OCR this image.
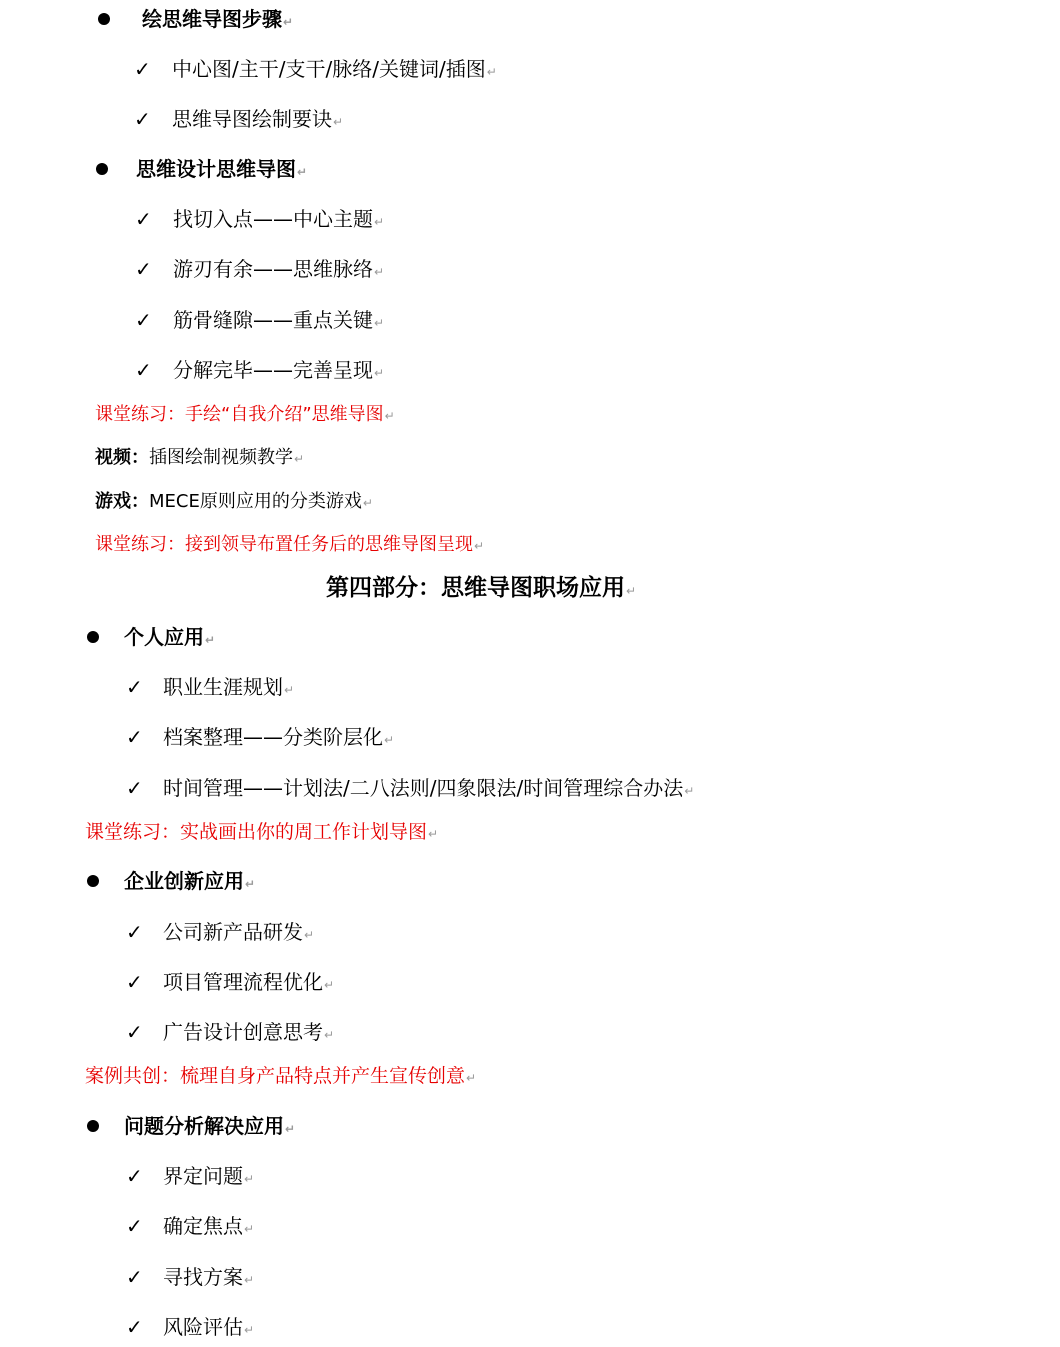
绘思维导图步骤↵
✓ 中心图/主干/支干/脉络/关键词/插图↵
✓ 思维导图绘制要诀↵
思维设计思维导图↵
✓ 找切入点——中心主题↵
✓ 游刃有余——思维脉络↵
✓ 筋骨缝隙——重点关键↵
✓ 分解完毕——完善呈现↵
课堂练习：手绘“自我介绍”思维导图↵
视频：插图绘制视频教学↵
游戏：MECE原则应用的分类游戏↵
课堂练习：接到领导布置任务后的思维导图呈现↵
第四部分：思维导图职场应用↵
个人应用↵
✓ 职业生涯规划↵
✓ 档案整理——分类阶层化↵
✓ 时间管理——计划法/二八法则/四象限法/时间管理综合办法↵
课堂练习：实战画出你的周工作计划导图↵
企业创新应用↵
✓ 公司新产品研发↵
✓ 项目管理流程优化↵
✓ 广告设计创意思考↵
案例共创：梳理自身产品特点并产生宣传创意↵
问题分析解决应用↵
✓ 界定问题↵
✓ 确定焦点↵
✓ 寻找方案↵
✓ 风险评估↵
